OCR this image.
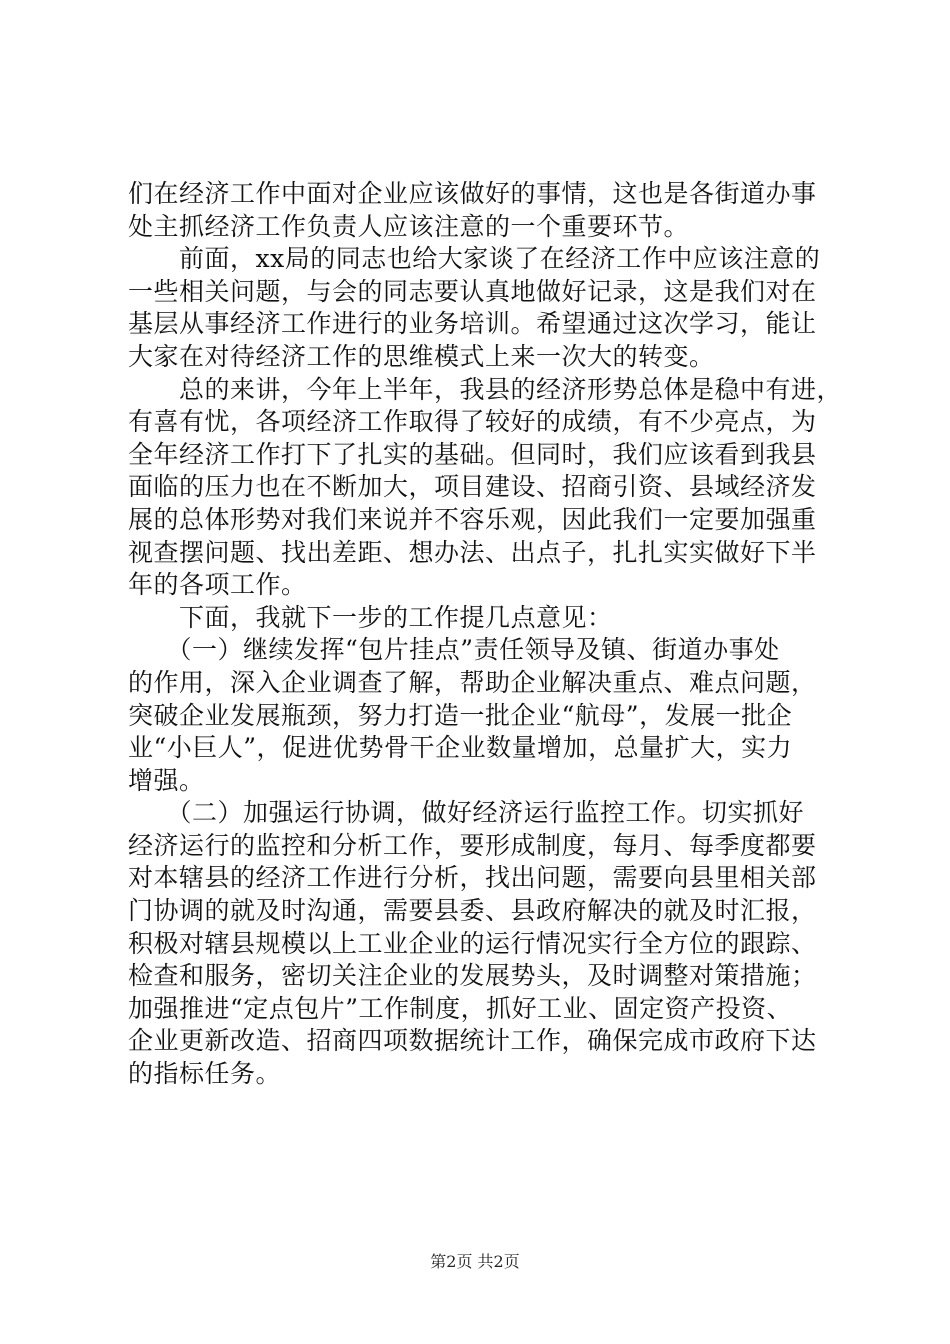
们在经济工作中面对企业应该做好的事情，这也是各街道办事
处主抓经济工作负责人应该注意的一个重要环节。
　　前面，xx局的同志也给大家谈了在经济工作中应该注意的
一些相关问题，与会的同志要认真地做好记录，这是我们对在
基层从事经济工作进行的业务培训。希望通过这次学习，能让
大家在对待经济工作的思维模式上来一次大的转变。
　　总的来讲，今年上半年，我县的经济形势总体是稳中有进，
有喜有忧，各项经济工作取得了较好的成绩，有不少亮点，为
全年经济工作打下了扎实的基础。但同时，我们应该看到我县
面临的压力也在不断加大，项目建设、招商引资、县域经济发
展的总体形势对我们来说并不容乐观，因此我们一定要加强重
视查摆问题、找出差距、想办法、出点子，扎扎实实做好下半
年的各项工作。
　　下面，我就下一步的工作提几点意见：
　　（一）继续发挥“包片挂点”责任领导及镇、街道办事处
的作用，深入企业调查了解，帮助企业解决重点、难点问题，
突破企业发展瓶颈，努力打造一批企业“航母”，发展一批企
业“小巨人”，促进优势骨干企业数量增加，总量扩大，实力
增强。
　　（二）加强运行协调，做好经济运行监控工作。切实抓好
经济运行的监控和分析工作，要形成制度，每月、每季度都要
对本辖县的经济工作进行分析，找出问题，需要向县里相关部
门协调的就及时沟通，需要县委、县政府解决的就及时汇报，
积极对辖县规模以上工业企业的运行情况实行全方位的跟踪、
检查和服务，密切关注企业的发展势头，及时调整对策措施；
加强推进“定点包片”工作制度，抓好工业、固定资产投资、
企业更新改造、招商四项数据统计工作，确保完成市政府下达
的指标任务。
第2页 共2页
